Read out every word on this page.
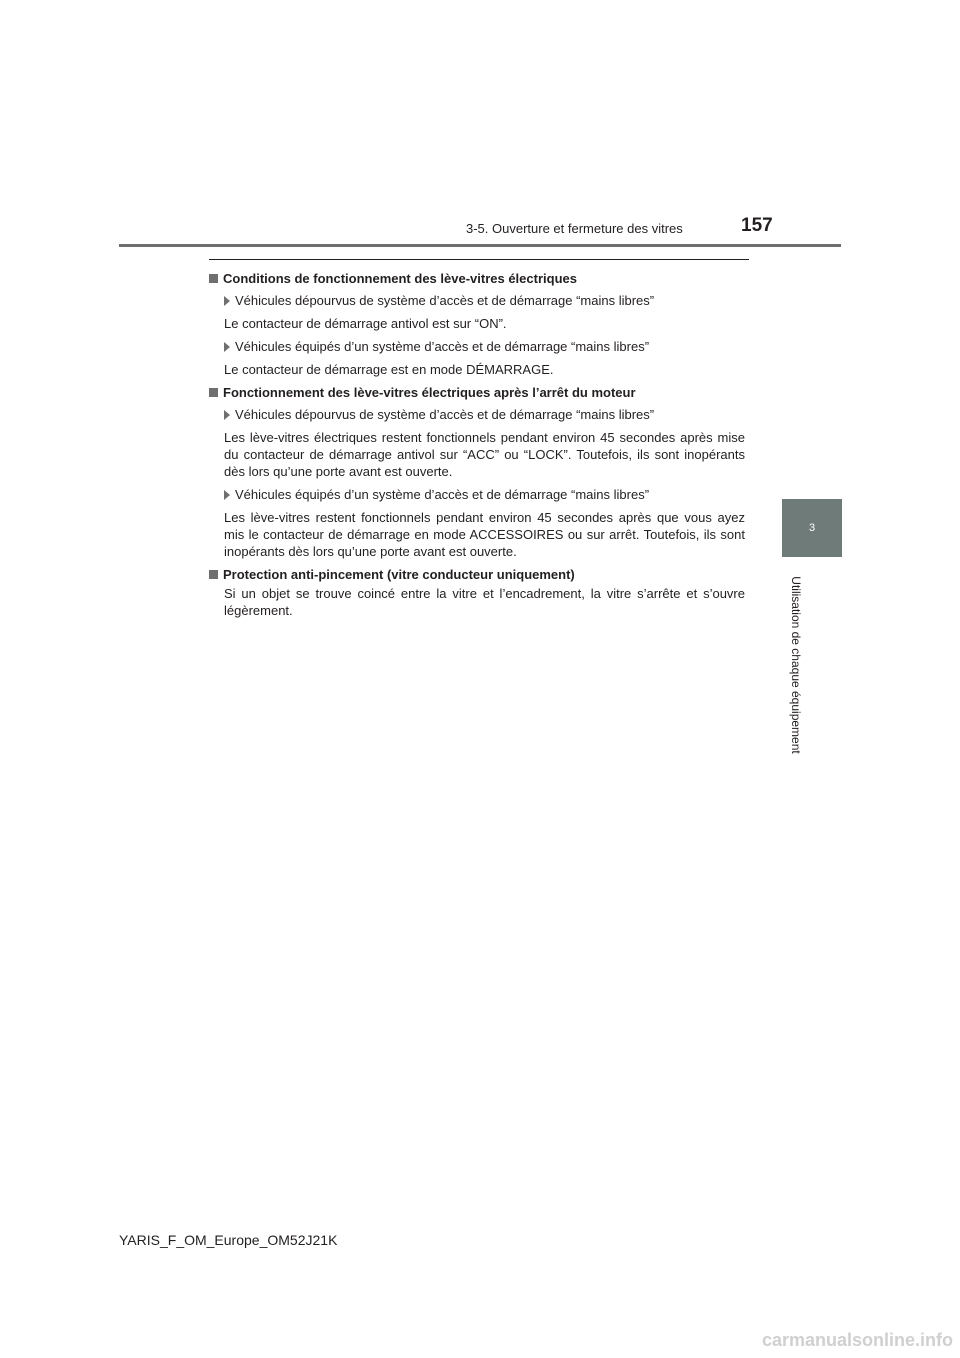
3-5. Ouverture et fermeture des vitres	157
3
Utilisation de chaque équipement
Conditions de fonctionnement des lève-vitres électriques
Véhicules dépourvus de système d’accès et de démarrage “mains libres”
Le contacteur de démarrage antivol est sur “ON”.
Véhicules équipés d’un système d’accès et de démarrage “mains libres”
Le contacteur de démarrage est en mode DÉMARRAGE.
Fonctionnement des lève-vitres électriques après l’arrêt du moteur
Véhicules dépourvus de système d’accès et de démarrage “mains libres”
Les lève-vitres électriques restent fonctionnels pendant environ 45 secondes après mise du contacteur de démarrage antivol sur “ACC” ou “LOCK”. Toutefois, ils sont inopérants dès lors qu’une porte avant est ouverte.
Véhicules équipés d’un système d’accès et de démarrage “mains libres”
Les lève-vitres restent fonctionnels pendant environ 45 secondes après que vous ayez mis le contacteur de démarrage en mode ACCESSOIRES ou sur arrêt. Toutefois, ils sont inopérants dès lors qu’une porte avant est ouverte.
Protection anti-pincement (vitre conducteur uniquement)
Si un objet se trouve coincé entre la vitre et l’encadrement, la vitre s’arrête et s’ouvre légèrement.
YARIS_F_OM_Europe_OM52J21K
carmanualsonline.info
